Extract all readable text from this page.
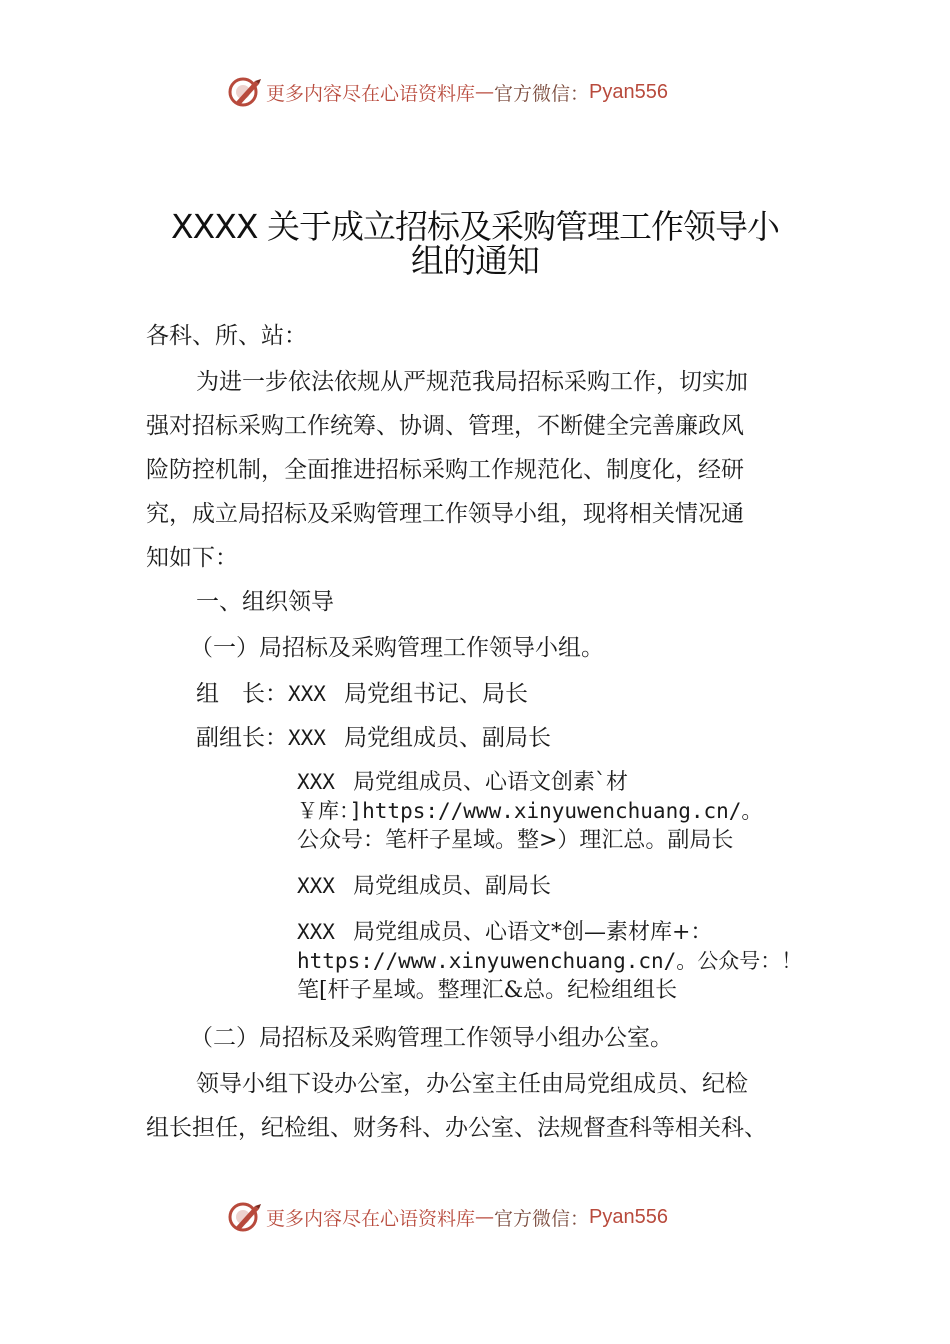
更多内容尽在心语资料库 — 官方微信： Pyan556
XXXX 关于成立招标及采购管理工作领导小
组的通知
各科、所、站：
为进一步依法依规从严规范我局招标采购工作，切实加
强对招标采购工作统筹、协调、管理，不断健全完善廉政风
险防控机制，全面推进招标采购工作规范化、制度化，经研
究，成立局招标及采购管理工作领导小组，现将相关情况通
知如下：
一、组织领导
（一）局招标及采购管理工作领导小组。
组　长：XXX 局党组书记、局长
副组长：XXX 局党组成员、副局长
XXX 局党组成员、心语文创素`材
￥库：]https://www.xinyuwenchuang.cn/。
公众号：笔杆子星域。整>）理汇总。副局长
XXX 局党组成员、副局长
XXX 局党组成员、心语文*创—素材库+：
https://www.xinyuwenchuang.cn/。公众号：！
笔[杆子星域。整理汇&总。纪检组组长
（二）局招标及采购管理工作领导小组办公室。
领导小组下设办公室，办公室主任由局党组成员、纪检
组长担任，纪检组、财务科、办公室、法规督查科等相关科、
更多内容尽在心语资料库 — 官方微信： Pyan556
